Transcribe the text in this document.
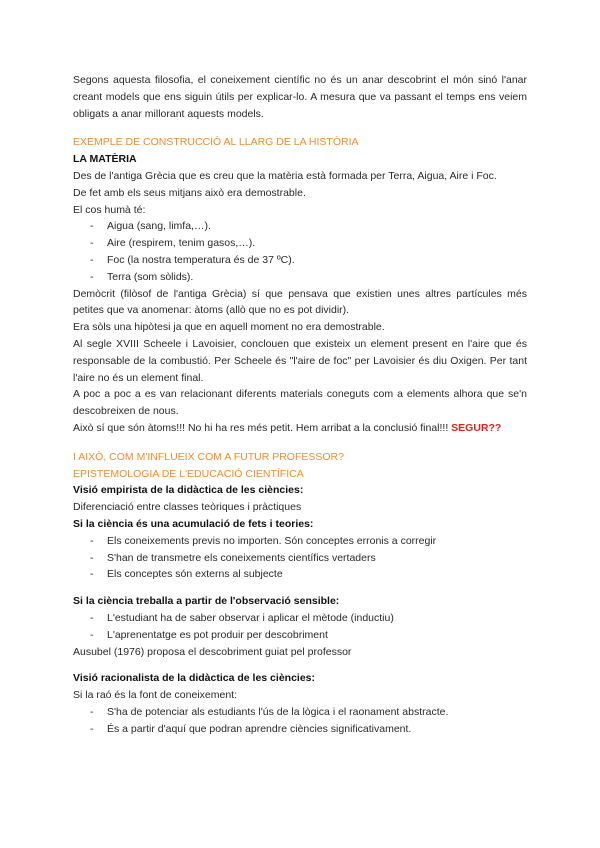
Segons aquesta filosofia, el coneixement científic no és un anar descobrint el món sinó l'anar creant models que ens siguin útils per explicar-lo. A mesura que va passant el temps ens veiem obligats a anar millorant aquests models.

EXEMPLE DE CONSTRUCCIÓ AL LLARG DE LA HISTÒRIA

LA MATÈRIA

Des de l'antiga Grècia que es creu que la matèria està formada per Terra, Aigua, Aire i Foc.

De fet amb els seus mitjans això era demostrable.

El cos humà té:

- Aigua (sang, limfa,…).
- Aire (respirem, tenim gasos,…).
- Foc (la nostra temperatura és de 37 ºC).
- Terra (som sòlids).

Demòcrit (filòsof de l'antiga Grècia) sí que pensava que existien unes altres partícules més petites que va anomenar: àtoms (allò que no es pot dividir).

Era sòls una hipòtesi ja que en aquell moment no era demostrable.

Al segle XVIII Scheele i Lavoisier, conclouen que existeix un element present en l'aire que és responsable de la combustió. Per Scheele és "l'aire de foc" per Lavoisier és diu Oxigen. Per tant l'aire no és un element final.

A poc a poc a es van relacionant diferents materials coneguts com a elements alhora que se'n descobreixen de nous.

Això sí que són àtoms!!! No hi ha res més petit. Hem arribat a la conclusió final!!! SEGUR??

I AIXÒ, COM M'INFLUEIX COM A FUTUR PROFESSOR?

EPISTEMOLOGIA DE L'EDUCACIÓ CIENTÍFICA

Visió empirista de la didàctica de les ciències:

Diferenciació entre classes teòriques i pràctiques

Si la ciència és una acumulació de fets i teories:

- Els coneixements previs no importen. Són conceptes erronis a corregir
- S'han de transmetre els coneixements científics vertaders
- Els conceptes són externs al subjecte

Si la ciència treballa a partir de l'observació sensible:

- L'estudiant ha de saber observar i aplicar el mètode (inductiu)
- L'aprenentatge es pot produir per descobriment

Ausubel (1976) proposa el descobriment guiat pel professor

Visió racionalista de la didàctica de les ciències:

Si la raó és la font de coneixement:

- S'ha de potenciar als estudiants l'ús de la lògica i el raonament abstracte.
- És a partir d'aquí que podran aprendre ciències significativament.
